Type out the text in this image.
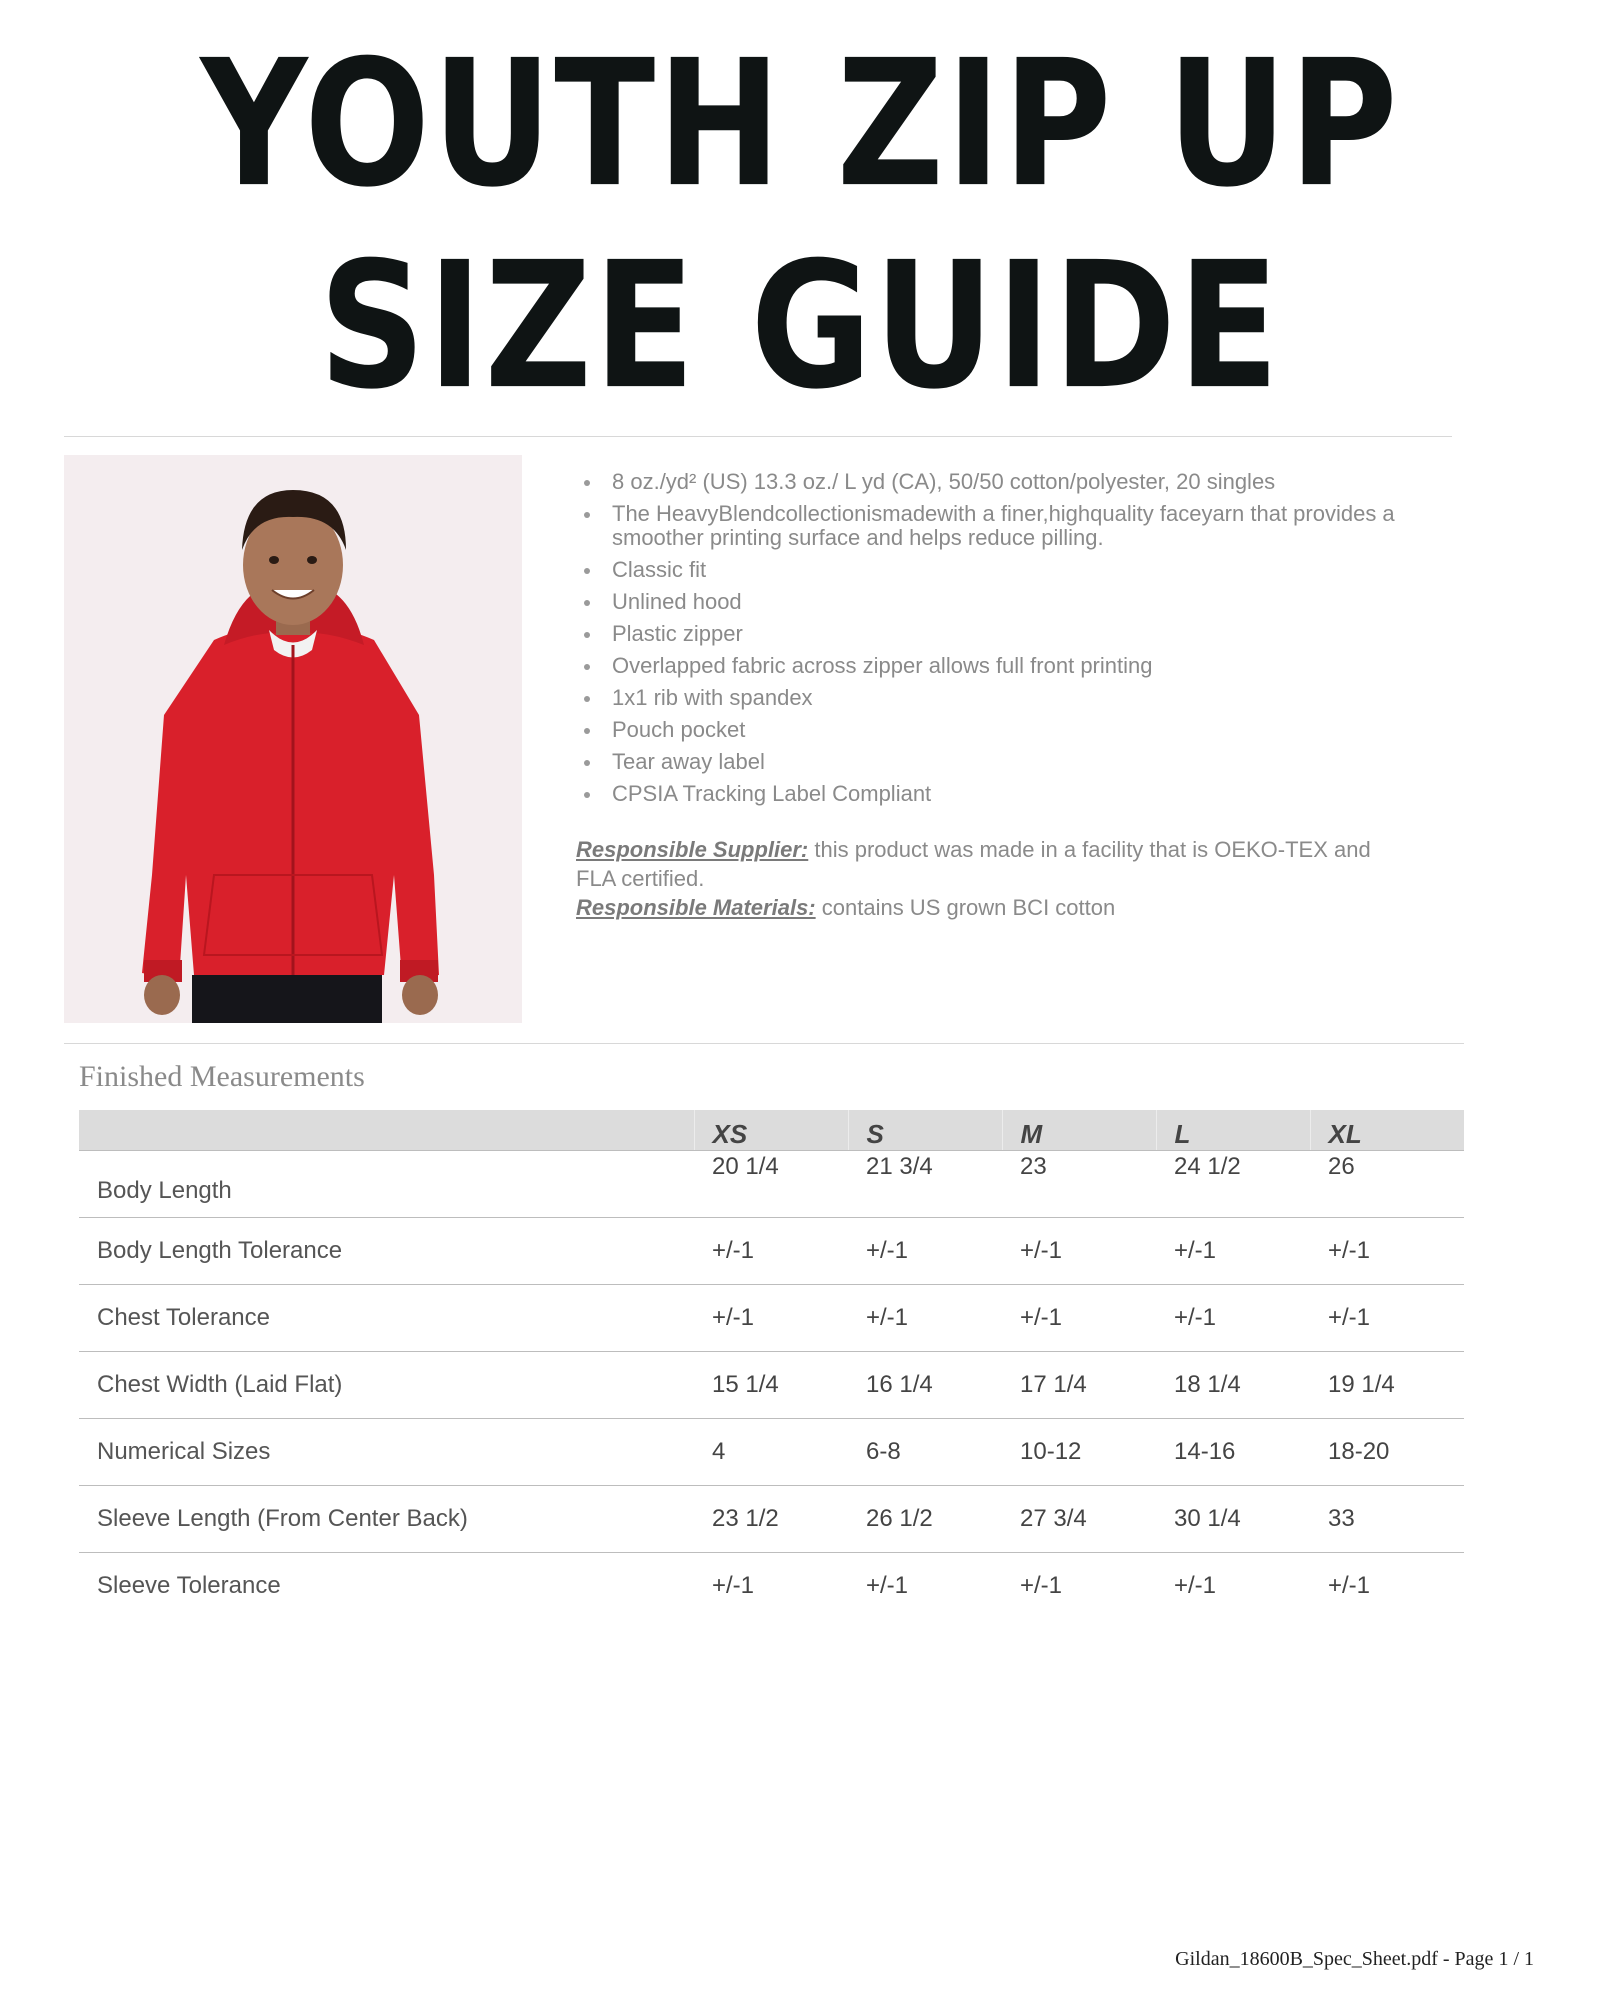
YOUTH ZIP UP
SIZE GUIDE
8 oz./yd² (US) 13.3 oz./ L yd (CA), 50/50 cotton/polyester, 20 singles
The HeavyBlendcollectionismadewith a finer,highquality faceyarn that provides a smoother printing surface and helps reduce pilling.
Classic fit
Unlined hood
Plastic zipper
Overlapped fabric across zipper allows full front printing
1x1 rib with spandex
Pouch pocket
Tear away label
CPSIA Tracking Label Compliant
Responsible Supplier: this product was made in a facility that is OEKO-TEX and FLA certified.
Responsible Materials: contains US grown BCI cotton
Finished Measurements
	XS	S	M	L	XL
Body Length	20 1/4	21 3/4	23	24 1/2	26
Body Length Tolerance	+/-1	+/-1	+/-1	+/-1	+/-1
Chest Tolerance	+/-1	+/-1	+/-1	+/-1	+/-1
Chest Width (Laid Flat)	15 1/4	16 1/4	17 1/4	18 1/4	19 1/4
Numerical Sizes	4	6-8	10-12	14-16	18-20
Sleeve Length (From Center Back)	23 1/2	26 1/2	27 3/4	30 1/4	33
Sleeve Tolerance	+/-1	+/-1	+/-1	+/-1	+/-1
Gildan_18600B_Spec_Sheet.pdf - Page 1 / 1
